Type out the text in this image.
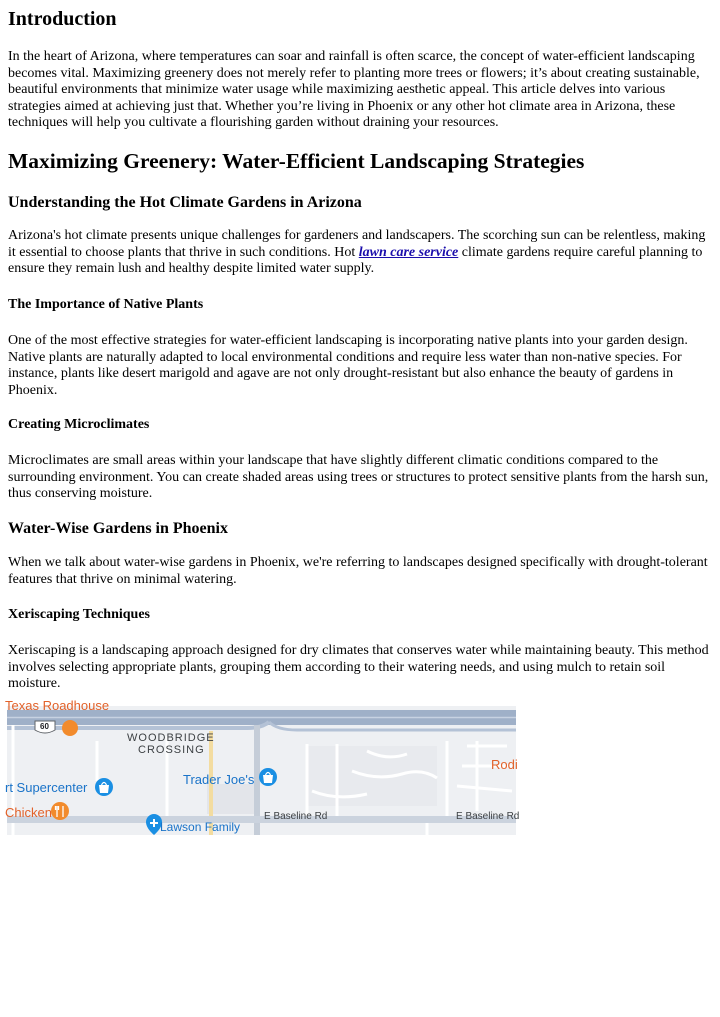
Introduction

In the heart of Arizona, where temperatures can soar and rainfall is often scarce, the concept of water-efficient landscaping becomes vital. Maximizing greenery does not merely refer to planting more trees or flowers; it’s about creating sustainable, beautiful environments that minimize water usage while maximizing aesthetic appeal. This article delves into various strategies aimed at achieving just that. Whether you’re living in Phoenix or any other hot climate area in Arizona, these techniques will help you cultivate a flourishing garden without draining your resources.

Maximizing Greenery: Water-Efficient Landscaping Strategies
Understanding the Hot Climate Gardens in Arizona

Arizona's hot climate presents unique challenges for gardeners and landscapers. The scorching sun can be relentless, making it essential to choose plants that thrive in such conditions. Hot lawn care service climate gardens require careful planning to ensure they remain lush and healthy despite limited water supply.

The Importance of Native Plants

One of the most effective strategies for water-efficient landscaping is incorporating native plants into your garden design. Native plants are naturally adapted to local environmental conditions and require less water than non-native species. For instance, plants like desert marigold and agave are not only drought-resistant but also enhance the beauty of gardens in Phoenix.

Creating Microclimates

Microclimates are small areas within your landscape that have slightly different climatic conditions compared to the surrounding environment. You can create shaded areas using trees or structures to protect sensitive plants from the harsh sun, thus conserving moisture.

Water-Wise Gardens in Phoenix

When we talk about water-wise gardens in Phoenix, we're referring to landscapes designed specifically with drought-tolerant features that thrive on minimal watering.

Xeriscaping Techniques

Xeriscaping is a landscaping approach designed for dry climates that conserves water while maintaining beauty. This method involves selecting appropriate plants, grouping them according to their watering needs, and using mulch to retain soil moisture.

Texas Roadhouse
60
WOODBRIDGE
CROSSING
Trader Joe's
rt Supercenter
Rodi
Chicken	E Baseline Rd	E Baseline Rd
Lawson Family
